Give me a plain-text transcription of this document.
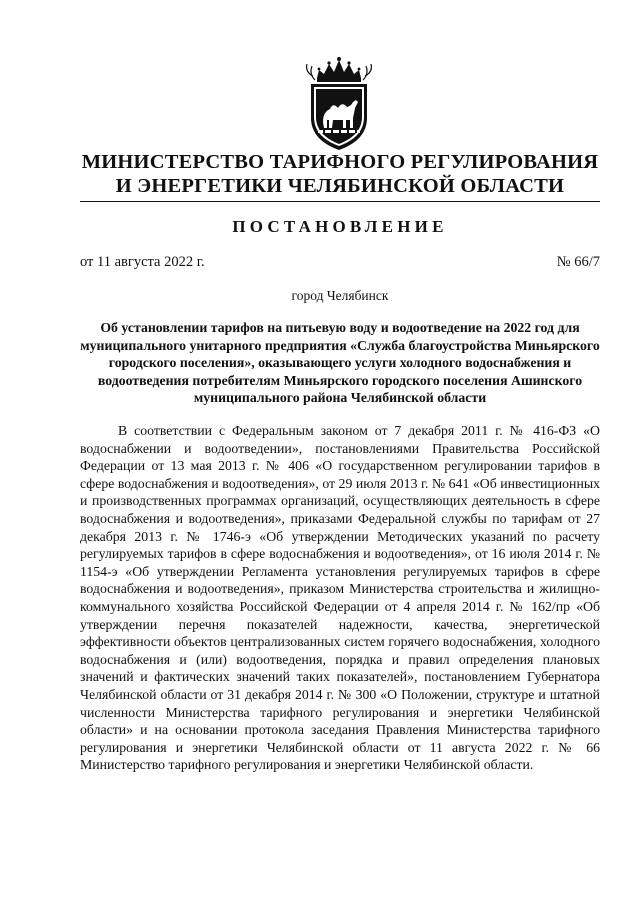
МИНИСТЕРСТВО ТАРИФНОГО РЕГУЛИРОВАНИЯ
И ЭНЕРГЕТИКИ ЧЕЛЯБИНСКОЙ ОБЛАСТИ
ПОСТАНОВЛЕНИЕ
от 11 августа 2022 г.	№ 66/7
город Челябинск
Об установлении тарифов на питьевую воду и водоотведение на 2022 год для муниципального унитарного предприятия «Служба благоустройства Миньярского городского поселения», оказывающего услуги холодного водоснабжения и водоотведения потребителям Миньярского городского поселения Ашинского муниципального района Челябинской области
В соответствии с Федеральным законом от 7 декабря 2011 г. № 416-ФЗ «О водоснабжении и водоотведении», постановлениями Правительства Российской Федерации от 13 мая 2013 г. № 406 «О государственном регулировании тарифов в сфере водоснабжения и водоотведения», от 29 июля 2013 г. № 641 «Об инвестиционных и производственных программах организаций, осуществляющих деятельность в сфере водоснабжения и водоотведения», приказами Федеральной службы по тарифам от 27 декабря 2013 г. № 1746-э «Об утверждении Методических указаний по расчету регулируемых тарифов в сфере водоснабжения и водоотведения», от 16 июля 2014 г. № 1154-э «Об утверждении Регламента установления регулируемых тарифов в сфере водоснабжения и водоотведения», приказом Министерства строительства и жилищно-коммунального хозяйства Российской Федерации от 4 апреля 2014 г. № 162/пр «Об утверждении перечня показателей надежности, качества, энергетической эффективности объектов централизованных систем горячего водоснабжения, холодного водоснабжения и (или) водоотведения, порядка и правил определения плановых значений и фактических значений таких показателей», постановлением Губернатора Челябинской области от 31 декабря 2014 г. № 300 «О Положении, структуре и штатной численности Министерства тарифного регулирования и энергетики Челябинской области» и на основании протокола заседания Правления Министерства тарифного регулирования и энергетики Челябинской области от 11 августа 2022 г. № 66 Министерство тарифного регулирования и энергетики Челябинской области.
